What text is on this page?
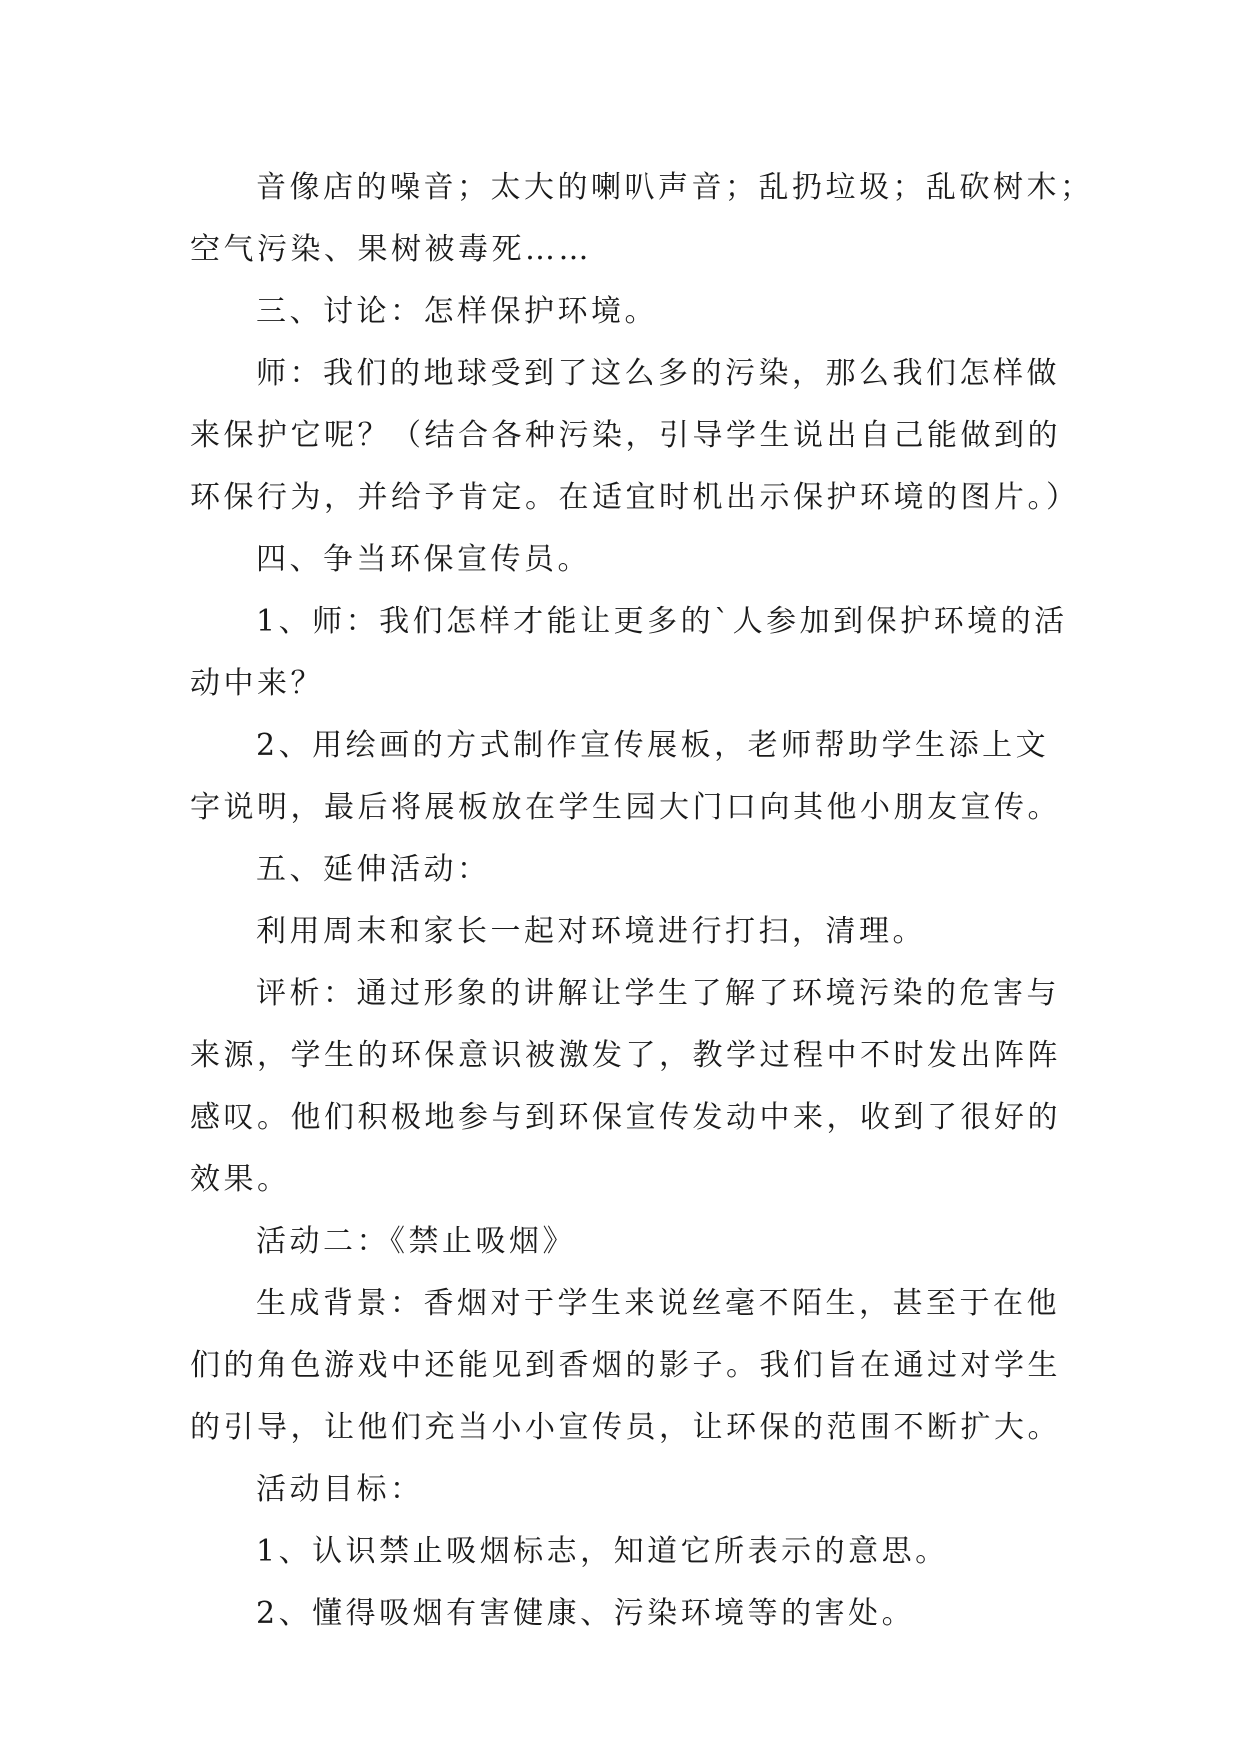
音像店的噪音；太大的喇叭声音；乱扔垃圾；乱砍树木；
空气污染、果树被毒死……
三、讨论：怎样保护环境。
师：我们的地球受到了这么多的污染，那么我们怎样做
来保护它呢？（结合各种污染，引导学生说出自己能做到的
环保行为，并给予肯定。在适宜时机出示保护环境的图片。）
四、争当环保宣传员。
1、师：我们怎样才能让更多的`人参加到保护环境的活
动中来？
2、用绘画的方式制作宣传展板，老师帮助学生添上文
字说明，最后将展板放在学生园大门口向其他小朋友宣传。
五、延伸活动：
利用周末和家长一起对环境进行打扫，清理。
评析：通过形象的讲解让学生了解了环境污染的危害与
来源，学生的环保意识被激发了，教学过程中不时发出阵阵
感叹。他们积极地参与到环保宣传发动中来，收到了很好的
效果。
活动二：《禁止吸烟》
生成背景：香烟对于学生来说丝毫不陌生，甚至于在他
们的角色游戏中还能见到香烟的影子。我们旨在通过对学生
的引导，让他们充当小小宣传员，让环保的范围不断扩大。
活动目标：
1、认识禁止吸烟标志，知道它所表示的意思。
2、懂得吸烟有害健康、污染环境等的害处。
